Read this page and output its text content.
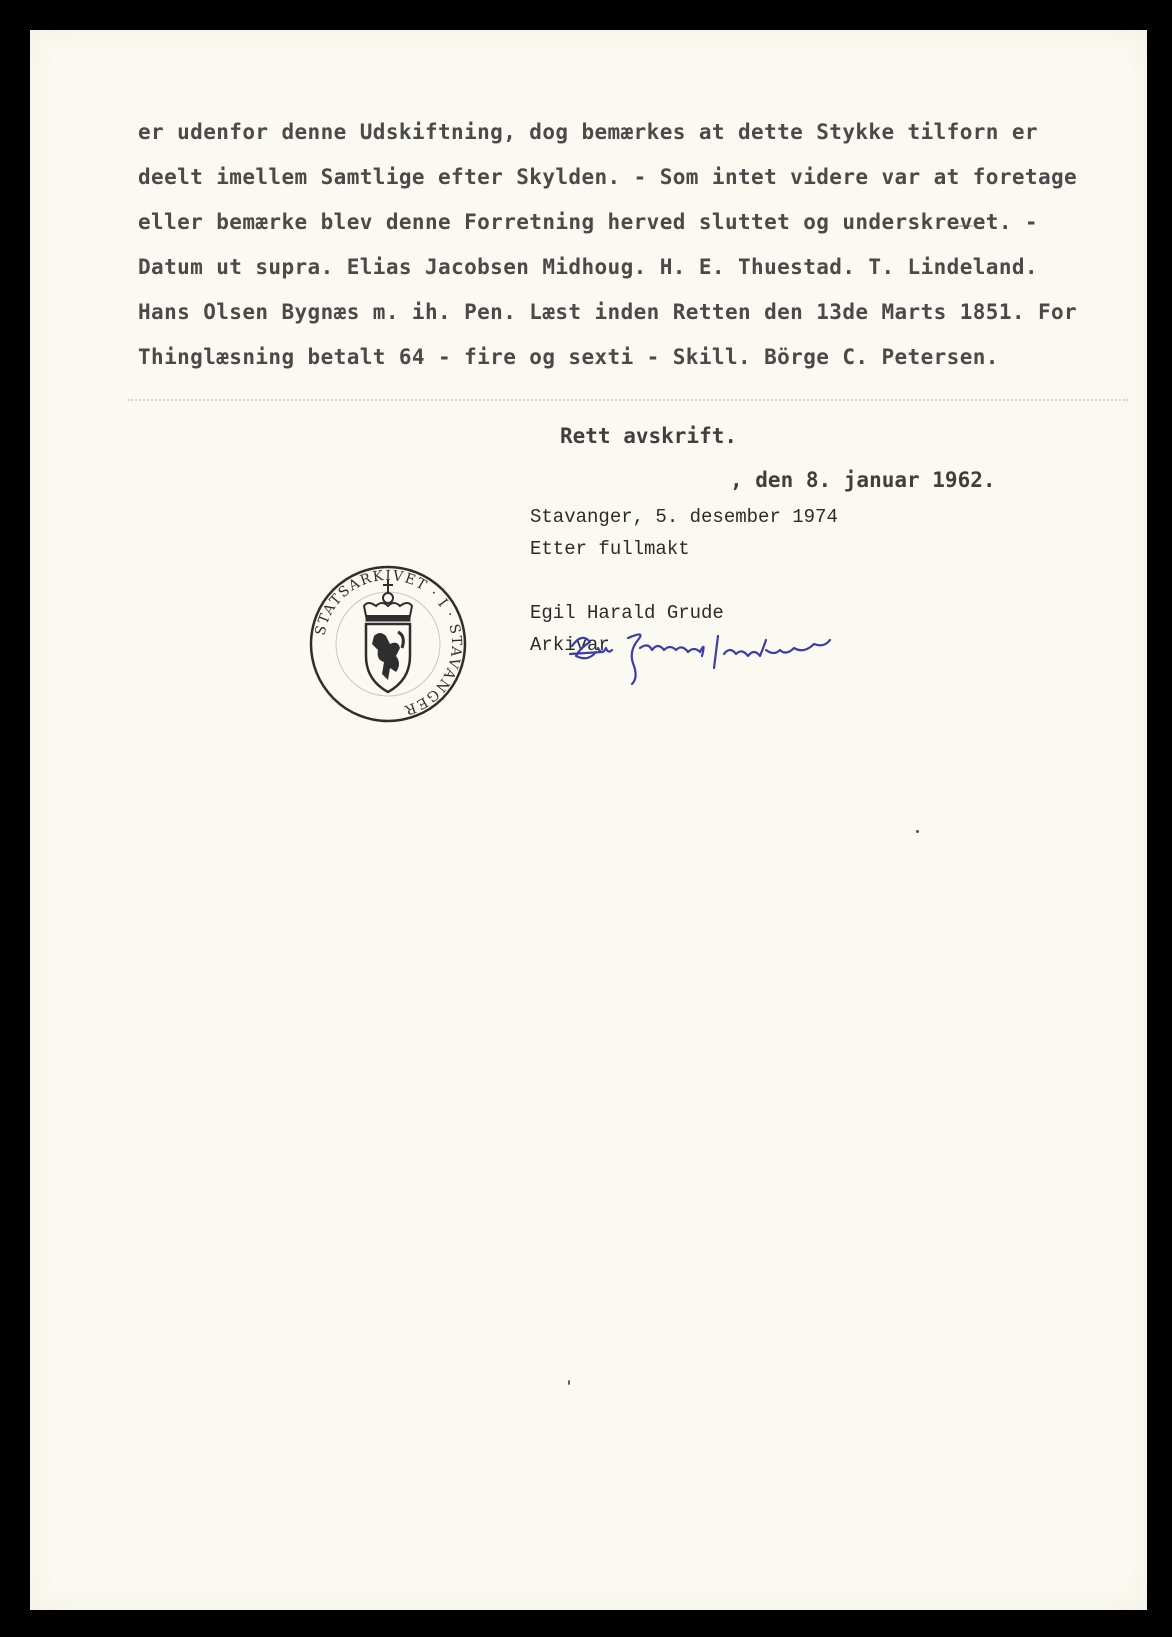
er udenfor denne Udskiftning, dog bemærkes at dette Stykke tilforn er
deelt imellem Samtlige efter Skylden. - Som intet videre var at foretage
eller bemærke blev denne Forretning herved sluttet og underskrevet. -
Datum ut supra. Elias Jacobsen Midhoug. H. E. Thuestad. T. Lindeland.
Hans Olsen Bygnæs m. ih. Pen. Læst inden Retten den 13de Marts 1851. For
Thinglæsning betalt 64 - fire og sexti - Skill. Börge C. Petersen.
Rett avskrift.
, den 8. januar 1962.
Stavanger, 5. desember 1974
Etter fullmakt
Egil Harald Grude
Arkivar
STATSARKIVET · I · STAVANGER
